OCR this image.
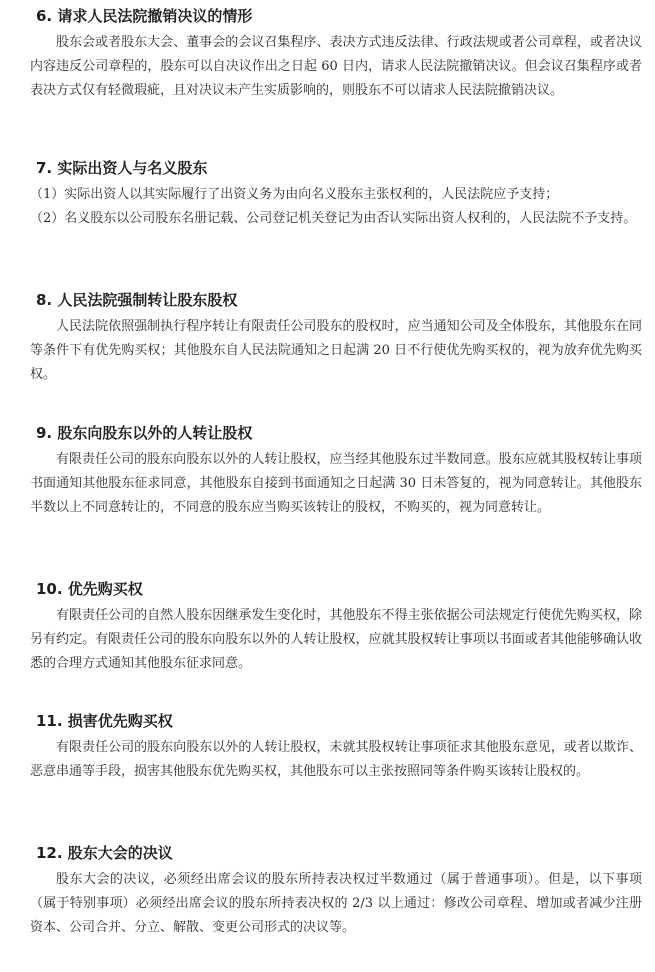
6. 请求人民法院撤销决议的情形

股东会或者股东大会、董事会的会议召集程序、表决方式违反法律、行政法规或者公司章程，或者决议内容违反公司章程的，股东可以自决议作出之日起 60 日内，请求人民法院撤销决议。但会议召集程序或者表决方式仅有轻微瑕疵，且对决议未产生实质影响的，则股东不可以请求人民法院撤销决议。

7. 实际出资人与名义股东

（1）实际出资人以其实际履行了出资义务为由向名义股东主张权利的，人民法院应予支持；

（2）名义股东以公司股东名册记载、公司登记机关登记为由否认实际出资人权利的，人民法院不予支持。

8. 人民法院强制转让股东股权

人民法院依照强制执行程序转让有限责任公司股东的股权时，应当通知公司及全体股东，其他股东在同等条件下有优先购买权；其他股东自人民法院通知之日起满 20 日不行使优先购买权的，视为放弃优先购买权。

9. 股东向股东以外的人转让股权

有限责任公司的股东向股东以外的人转让股权，应当经其他股东过半数同意。股东应就其股权转让事项书面通知其他股东征求同意，其他股东自接到书面通知之日起满 30 日未答复的，视为同意转让。其他股东半数以上不同意转让的，不同意的股东应当购买该转让的股权，不购买的，视为同意转让。

10. 优先购买权

有限责任公司的自然人股东因继承发生变化时，其他股东不得主张依据公司法规定行使优先购买权，除另有约定。有限责任公司的股东向股东以外的人转让股权，应就其股权转让事项以书面或者其他能够确认收悉的合理方式通知其他股东征求同意。

11. 损害优先购买权

有限责任公司的股东向股东以外的人转让股权，未就其股权转让事项征求其他股东意见，或者以欺诈、恶意串通等手段，损害其他股东优先购买权，其他股东可以主张按照同等条件购买该转让股权的。

12. 股东大会的决议

股东大会的决议，必须经出席会议的股东所持表决权过半数通过（属于普通事项）。但是，以下事项（属于特别事项）必须经出席会议的股东所持表决权的 2/3 以上通过：修改公司章程、增加或者减少注册资本、公司合并、分立、解散、变更公司形式的决议等。
